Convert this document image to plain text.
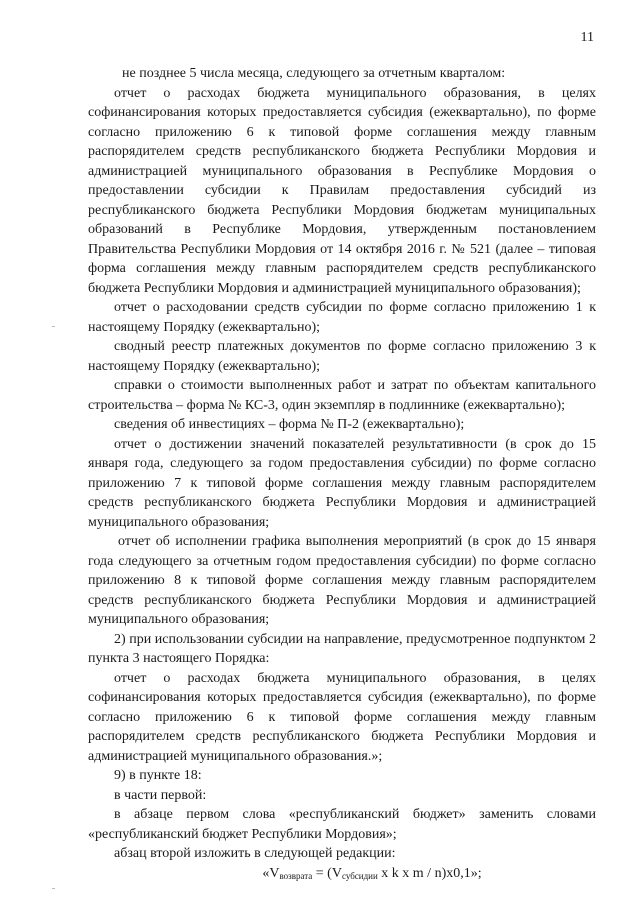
11

не позднее 5 числа месяца, следующего за отчетным кварталом:

отчет о расходах бюджета муниципального образования, в целях софинансирования которых предоставляется субсидия (ежеквартально), по форме согласно приложению 6 к типовой форме соглашения между главным распорядителем средств республиканского бюджета Республики Мордовия и администрацией муниципального образования в Республике Мордовия о предоставлении субсидии к Правилам предоставления субсидий из республиканского бюджета Республики Мордовия бюджетам муниципальных образований в Республике Мордовия, утвержденным постановлением Правительства Республики Мордовия от 14 октября 2016 г. № 521 (далее – типовая форма соглашения между главным распорядителем средств республиканского бюджета Республики Мордовия и администрацией муниципального образования);

отчет о расходовании средств субсидии по форме согласно приложению 1 к настоящему Порядку (ежеквартально);

сводный реестр платежных документов по форме согласно приложению 3 к настоящему Порядку (ежеквартально);

справки о стоимости выполненных работ и затрат по объектам капитального строительства – форма № КС-3, один экземпляр в подлиннике (ежеквартально);

сведения об инвестициях – форма № П-2 (ежеквартально);

отчет о достижении значений показателей результативности (в срок до 15 января года, следующего за годом предоставления субсидии) по форме согласно приложению 7 к типовой форме соглашения между главным распорядителем средств республиканского бюджета Республики Мордовия и администрацией муниципального образования;

отчет об исполнении графика выполнения мероприятий (в срок до 15 января года следующего за отчетным годом предоставления субсидии) по форме согласно приложению 8 к типовой форме соглашения между главным распорядителем средств республиканского бюджета Республики Мордовия и администрацией муниципального образования;

2) при использовании субсидии на направление, предусмотренное подпунктом 2 пункта 3 настоящего Порядка:

отчет о расходах бюджета муниципального образования, в целях софинансирования которых предоставляется субсидия (ежеквартально), по форме согласно приложению 6 к типовой форме соглашения между главным распорядителем средств республиканского бюджета Республики Мордовия и администрацией муниципального образования.»;

9) в пункте 18:

в части первой:

в абзаце первом слова «республиканский бюджет» заменить словами «республиканский бюджет Республики Мордовия»;

абзац второй изложить в следующей редакции:

«$V_{возврата} = (V_{субсидии}$ x k x m / n)x0,1»;
